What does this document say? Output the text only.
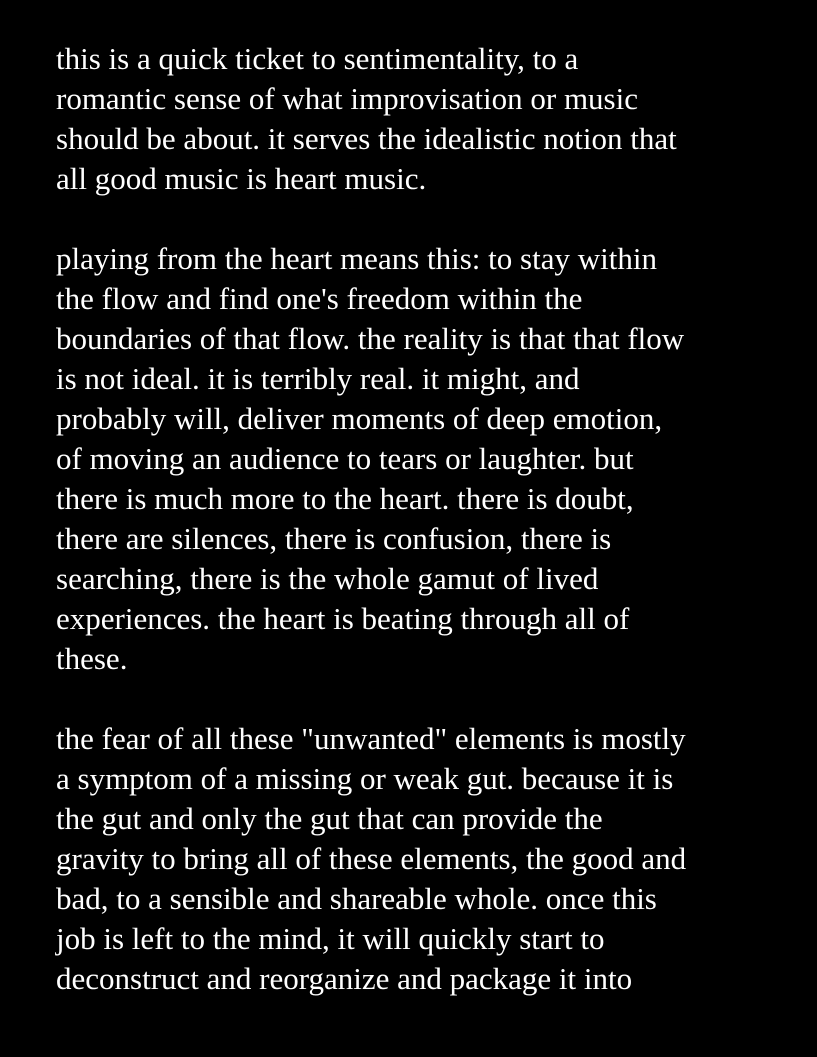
this is a quick ticket to sentimentality, to a
romantic sense of what improvisation or music
should be about. it serves the idealistic notion that
all good music is heart music.
playing from the heart means this: to stay within
the flow and find one's freedom within the
boundaries of that flow. the reality is that that flow
is not ideal. it is terribly real. it might, and
probably will, deliver moments of deep emotion,
of moving an audience to tears or laughter. but
there is much more to the heart. there is doubt,
there are silences, there is confusion, there is
searching, there is the whole gamut of lived
experiences. the heart is beating through all of
these.
the fear of all these "unwanted" elements is mostly
a symptom of a missing or weak gut. because it is
the gut and only the gut that can provide the
gravity to bring all of these elements, the good and
bad, to a sensible and shareable whole. once this
job is left to the mind, it will quickly start to
deconstruct and reorganize and package it into
